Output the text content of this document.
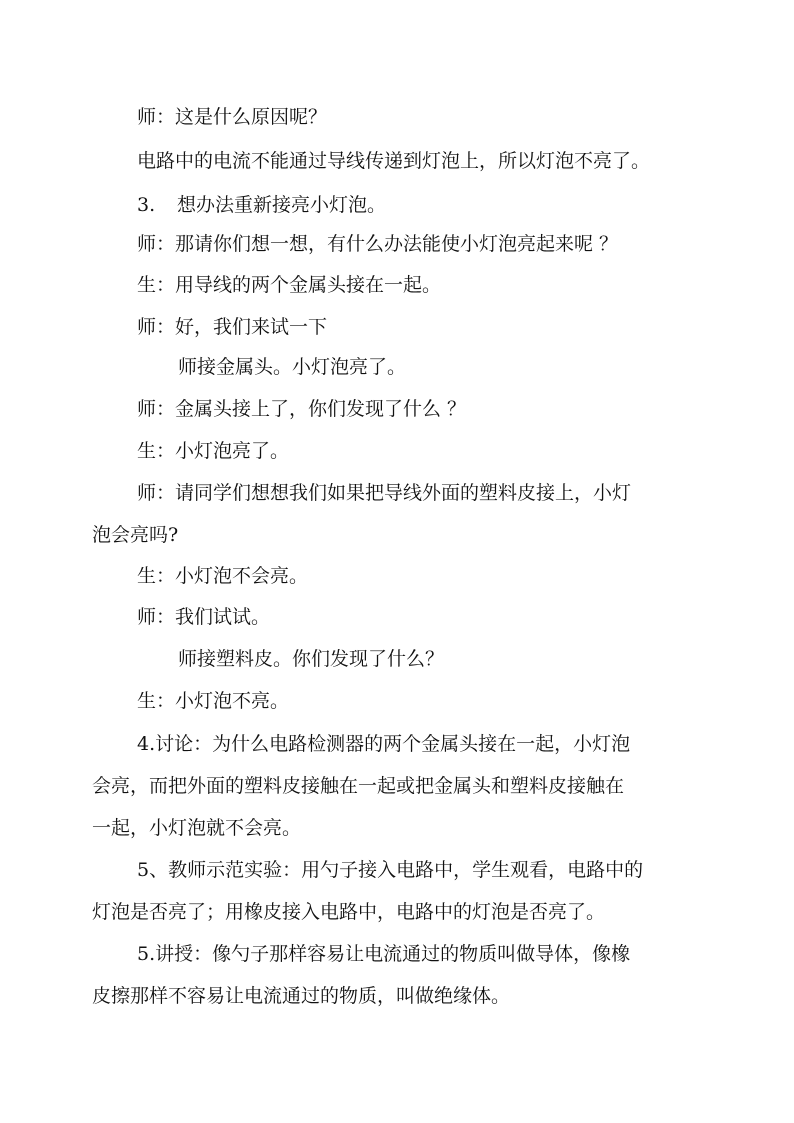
师：这是什么原因呢？
电路中的电流不能通过导线传递到灯泡上，所以灯泡不亮了。
3. 想办法重新接亮小灯泡。
师：那请你们想一想，有什么办法能使小灯泡亮起来呢 ？
生：用导线的两个金属头接在一起。
师：好，我们来试一下
师接金属头。小灯泡亮了。
师：金属头接上了，你们发现了什么 ？
生：小灯泡亮了。
师：请同学们想想我们如果把导线外面的塑料皮接上，小灯
泡会亮吗?
生：小灯泡不会亮。
师：我们试试。
师接塑料皮。你们发现了什么？
生：小灯泡不亮。
4.讨论：为什么电路检测器的两个金属头接在一起，小灯泡
会亮，而把外面的塑料皮接触在一起或把金属头和塑料皮接触在
一起，小灯泡就不会亮。
5、教师示范实验：用勺子接入电路中，学生观看，电路中的
灯泡是否亮了；用橡皮接入电路中，电路中的灯泡是否亮了。
5.讲授：像勺子那样容易让电流通过的物质叫做导体，像橡
皮擦那样不容易让电流通过的物质，叫做绝缘体。
